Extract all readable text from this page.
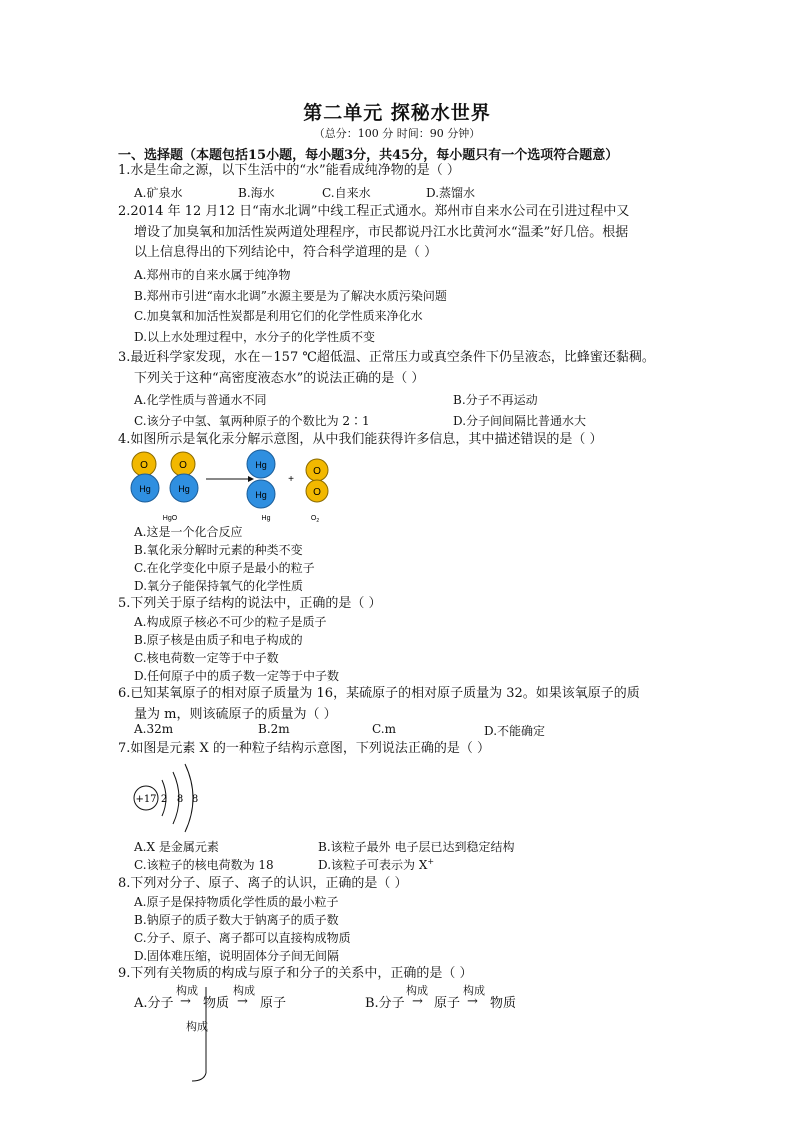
第二单元 探秘水世界
（总分：100 分 时间：90 分钟）
一、选择题（本题包括15小题，每小题3分，共45分，每小题只有一个选项符合题意）
1.水是生命之源，以下生活中的“水”能看成纯净物的是（ ）
A.矿泉水	B.海水	C.自来水	D.蒸馏水
2.2014 年 12 月12 日“南水北调”中线工程正式通水。郑州市自来水公司在引进过程中又
增设了加臭氧和加活性炭两道处理程序，市民都说丹江水比黄河水“温柔”好几倍。根据
以上信息得出的下列结论中，符合科学道理的是（ ）
A.郑州市的自来水属于纯净物
B.郑州市引进“南水北调”水源主要是为了解决水质污染问题
C.加臭氧和加活性炭都是利用它们的化学性质来净化水
D.以上水处理过程中，水分子的化学性质不变
3.最近科学家发现，水在－157 ℃超低温、正常压力或真空条件下仍呈液态，比蜂蜜还黏稠。
下列关于这种“高密度液态水”的说法正确的是（ ）
A.化学性质与普通水不同	B.分子不再运动
C.该分子中氢、氧两种原子的个数比为 2∶1	D.分子间间隔比普通水大
4.如图所示是氧化汞分解示意图，从中我们能获得许多信息，其中描述错误的是（ ）
O
Hg
O
Hg
Hg
Hg
+
O
O
HgO	Hg	$O_2$
A.这是一个化合反应
B.氧化汞分解时元素的种类不变
C.在化学变化中原子是最小的粒子
D.氧分子能保持氧气的化学性质
5.下列关于原子结构的说法中，正确的是（ ）
A.构成原子核必不可少的粒子是质子
B.原子核是由质子和电子构成的
C.核电荷数一定等于中子数
D.任何原子中的质子数一定等于中子数
6.已知某氧原子的相对原子质量为 16，某硫原子的相对原子质量为 32。如果该氧原子的质
量为 m，则该硫原子的质量为（ ）
A.32m	B.2m	C.m	D.不能确定
7.如图是元素 X 的一种粒子结构示意图，下列说法正确的是（ ）
+17 2 8 8
A.X 是金属元素	B.该粒子最外 电子层已达到稳定结构
C.该粒子的核电荷数为 18	D.该粒子可表示为 X+
8.下列对分子、原子、离子的认识，正确的是（ ）
A.原子是保持物质化学性质的最小粒子
B.钠原子的质子数大于钠离子的质子数
C.分子、原子、离子都可以直接构成物质
D.固体难压缩，说明固体分子间无间隔
9.下列有关物质的构成与原子和分子的关系中，正确的是（ ）
A.分子
构成
→ 物质
构成
→ 原子	B.分子
构成
→ 原子
构成
→ 物质
构成
